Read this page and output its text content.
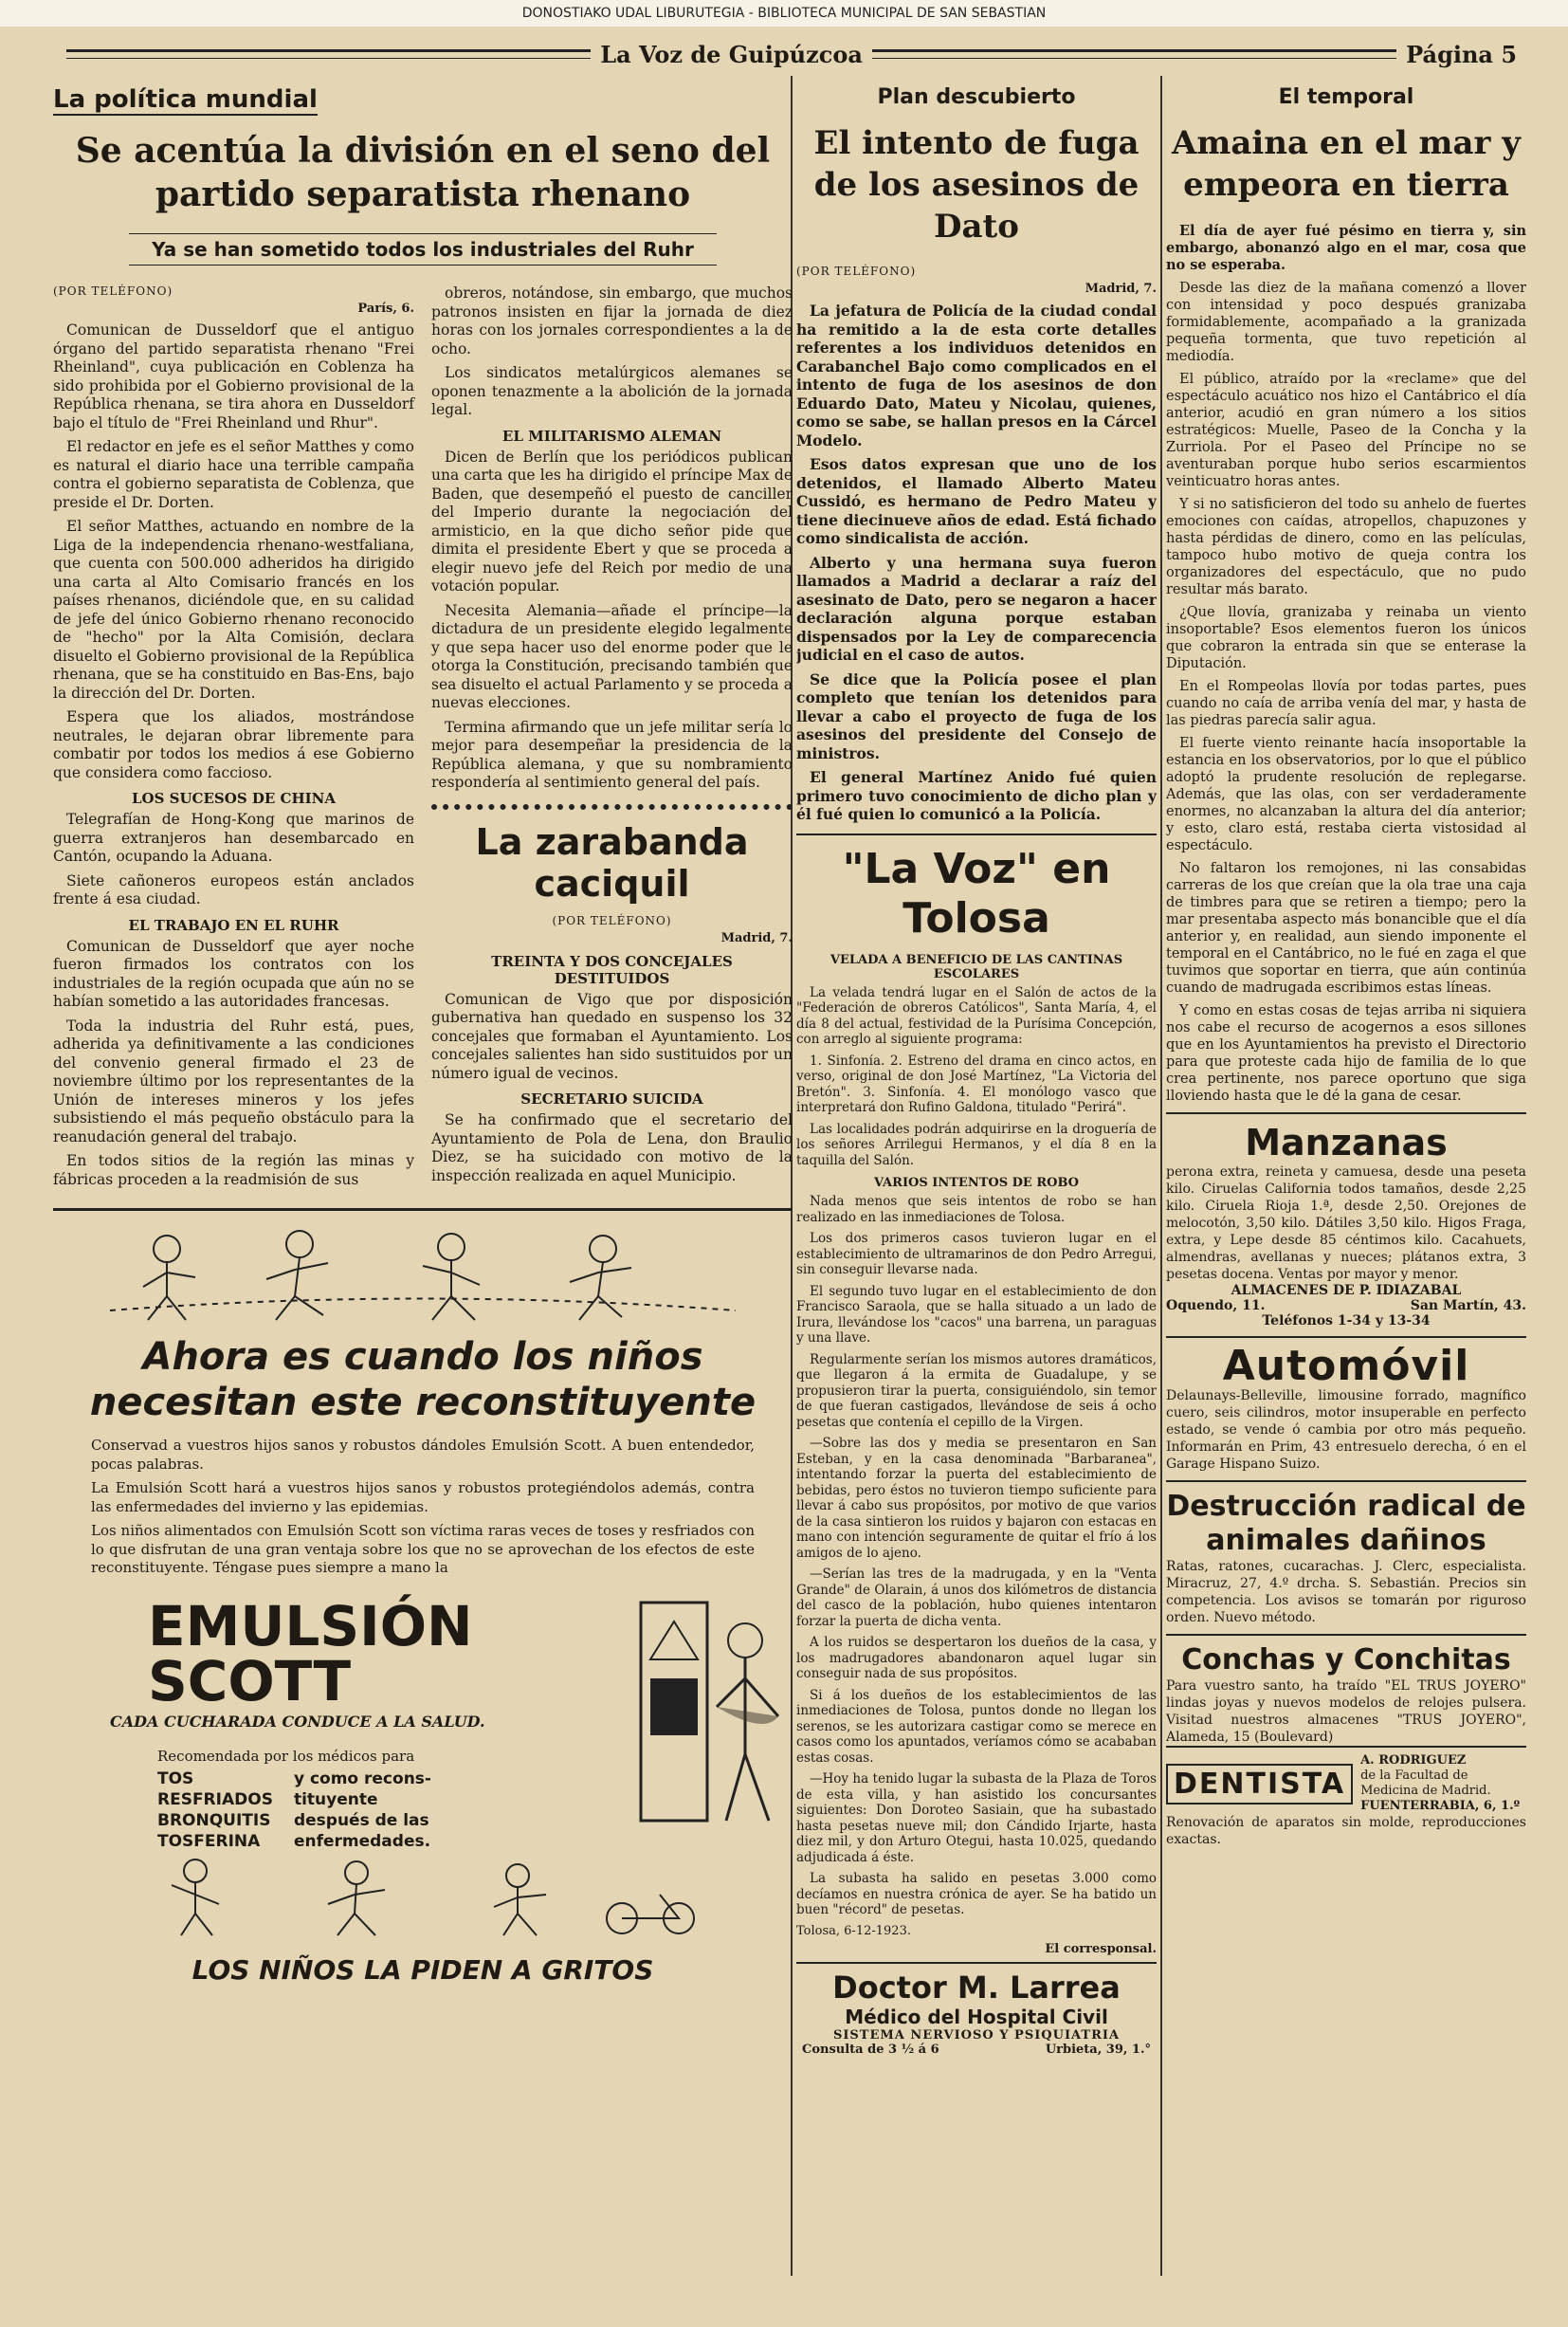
DONOSTIAKO UDAL LIBURUTEGIA - BIBLIOTECA MUNICIPAL DE SAN SEBASTIAN
La Voz de Guipúzcoa	Página 5
La política mundial
Se acentúa la división en el seno del partido separatista rhenano
Ya se han sometido todos los industriales del Ruhr
(POR TELÉFONO)
París, 6.

Comunican de Dusseldorf que el antiguo órgano del partido separatista rhenano "Frei Rheinland", cuya publicación en Coblenza ha sido prohibida por el Gobierno provisional de la República rhenana, se tira ahora en Dusseldorf bajo el título de "Frei Rheinland und Rhur".

El redactor en jefe es el señor Matthes y como es natural el diario hace una terrible campaña contra el gobierno separatista de Coblenza, que preside el Dr. Dorten.

El señor Matthes, actuando en nombre de la Liga de la independencia rhenano-westfaliana, que cuenta con 500.000 adheridos ha dirigido una carta al Alto Comisario francés en los países rhenanos, diciéndole que, en su calidad de jefe del único Gobierno rhenano reconocido de "hecho" por la Alta Comisión, declara disuelto el Gobierno provisional de la República rhenana, que se ha constituido en Bas-Ens, bajo la dirección del Dr. Dorten.

Espera que los aliados, mostrándose neutrales, le dejaran obrar libremente para combatir por todos los medios á ese Gobierno que considera como faccioso.

LOS SUCESOS DE CHINA

Telegrafían de Hong-Kong que marinos de guerra extranjeros han desembarcado en Cantón, ocupando la Aduana.

Siete cañoneros europeos están anclados frente á esa ciudad.

EL TRABAJO EN EL RUHR

Comunican de Dusseldorf que ayer noche fueron firmados los contratos con los industriales de la región ocupada que aún no se habían sometido a las autoridades francesas.

Toda la industria del Ruhr está, pues, adherida ya definitivamente a las condiciones del convenio general firmado el 23 de noviembre último por los representantes de la Unión de intereses mineros y los jefes subsistiendo el más pequeño obstáculo para la reanudación general del trabajo.

En todos sitios de la región las minas y fábricas proceden a la readmisión de sus

obreros, notándose, sin embargo, que muchos patronos insisten en fijar la jornada de diez horas con los jornales correspondientes a la de ocho.

Los sindicatos metalúrgicos alemanes se oponen tenazmente a la abolición de la jornada legal.

EL MILITARISMO ALEMAN

Dicen de Berlín que los periódicos publican una carta que les ha dirigido el príncipe Max de Baden, que desempeñó el puesto de canciller del Imperio durante la negociación del armisticio, en la que dicho señor pide que dimita el presidente Ebert y que se proceda a elegir nuevo jefe del Reich por medio de una votación popular.

Necesita Alemania—añade el príncipe—la dictadura de un presidente elegido legalmente y que sepa hacer uso del enorme poder que le otorga la Constitución, precisando también que sea disuelto el actual Parlamento y se proceda a nuevas elecciones.

Termina afirmando que un jefe militar sería lo mejor para desempeñar la presidencia de la República alemana, y que su nombramiento respondería al sentimiento general del país.

La zarabanda caciquil
(POR TELÉFONO)
Madrid, 7.
TREINTA Y DOS CONCEJALES DESTITUIDOS

Comunican de Vigo que por disposición gubernativa han quedado en suspenso los 32 concejales que formaban el Ayuntamiento. Los concejales salientes han sido sustituidos por un número igual de vecinos.

SECRETARIO SUICIDA

Se ha confirmado que el secretario del Ayuntamiento de Pola de Lena, don Braulio Diez, se ha suicidado con motivo de la inspección realizada en aquel Municipio.

Ahora es cuando los niños necesitan este reconstituyente

Conservad a vuestros hijos sanos y robustos dándoles Emulsión Scott. A buen entendedor, pocas palabras.

La Emulsión Scott hará a vuestros hijos sanos y robustos protegiéndolos además, contra las enfermedades del invierno y las epidemias.

Los niños alimentados con Emulsión Scott son víctima raras veces de toses y resfriados con lo que disfrutan de una gran ventaja sobre los que no se aprovechan de los efectos de este reconstituyente. Téngase pues siempre a mano la

EMULSIÓN SCOTT
CADA CUCHARADA CONDUCE A LA SALUD.
Recomendada por los médicos para
TOS
RESFRIADOS
BRONQUITIS
TOSFERINA
y como recons-
tituyente
después de las
enfermedades.
LOS NIÑOS LA PIDEN A GRITOS
Plan descubierto
El intento de fuga de los asesinos de Dato
(POR TELÉFONO)
Madrid, 7.

La jefatura de Policía de la ciudad condal ha remitido a la de esta corte detalles referentes a los individuos detenidos en Carabanchel Bajo como complicados en el intento de fuga de los asesinos de don Eduardo Dato, Mateu y Nicolau, quienes, como se sabe, se hallan presos en la Cárcel Modelo.

Esos datos expresan que uno de los detenidos, el llamado Alberto Mateu Cussidó, es hermano de Pedro Mateu y tiene diecinueve años de edad. Está fichado como sindicalista de acción.

Alberto y una hermana suya fueron llamados a Madrid a declarar a raíz del asesinato de Dato, pero se negaron a hacer declaración alguna porque estaban dispensados por la Ley de comparecencia judicial en el caso de autos.

Se dice que la Policía posee el plan completo que tenían los detenidos para llevar a cabo el proyecto de fuga de los asesinos del presidente del Consejo de ministros.

El general Martínez Anido fué quien primero tuvo conocimiento de dicho plan y él fué quien lo comunicó a la Policía.

"La Voz" en Tolosa
VELADA A BENEFICIO DE LAS CANTINAS ESCOLARES

La velada tendrá lugar en el Salón de actos de la "Federación de obreros Católicos", Santa María, 4, el día 8 del actual, festividad de la Purísima Concepción, con arreglo al siguiente programa:

1. Sinfonía. 2. Estreno del drama en cinco actos, en verso, original de don José Martínez, "La Victoria del Bretón". 3. Sinfonía. 4. El monólogo vasco que interpretará don Rufino Galdona, titulado "Perirá".

Las localidades podrán adquirirse en la droguería de los señores Arrilegui Hermanos, y el día 8 en la taquilla del Salón.

VARIOS INTENTOS DE ROBO

Nada menos que seis intentos de robo se han realizado en las inmediaciones de Tolosa.

Los dos primeros casos tuvieron lugar en el establecimiento de ultramarinos de don Pedro Arregui, sin conseguir llevarse nada.

El segundo tuvo lugar en el establecimiento de don Francisco Saraola, que se halla situado a un lado de Irura, llevándose los "cacos" una barrena, un paraguas y una llave.

Regularmente serían los mismos autores dramáticos, que llegaron á la ermita de Guadalupe, y se propusieron tirar la puerta, consiguiéndolo, sin temor de que fueran castigados, llevándose de seis á ocho pesetas que contenía el cepillo de la Virgen.

—Sobre las dos y media se presentaron en San Esteban, y en la casa denominada "Barbaranea", intentando forzar la puerta del establecimiento de bebidas, pero éstos no tuvieron tiempo suficiente para llevar á cabo sus propósitos, por motivo de que varios de la casa sintieron los ruidos y bajaron con estacas en mano con intención seguramente de quitar el frío á los amigos de lo ajeno.

—Serían las tres de la madrugada, y en la "Venta Grande" de Olarain, á unos dos kilómetros de distancia del casco de la población, hubo quienes intentaron forzar la puerta de dicha venta.

A los ruidos se despertaron los dueños de la casa, y los madrugadores abandonaron aquel lugar sin conseguir nada de sus propósitos.

Si á los dueños de los establecimientos de las inmediaciones de Tolosa, puntos donde no llegan los serenos, se les autorizara castigar como se merece en casos como los apuntados, veríamos cómo se acababan estas cosas.

—Hoy ha tenido lugar la subasta de la Plaza de Toros de esta villa, y han asistido los concursantes siguientes: Don Doroteo Sasiain, que ha subastado hasta pesetas nueve mil; don Cándido Irjarte, hasta diez mil, y don Arturo Otegui, hasta 10.025, quedando adjudicada á éste.

La subasta ha salido en pesetas 3.000 como decíamos en nuestra crónica de ayer. Se ha batido un buen "récord" de pesetas.

Tolosa, 6-12-1923.
El corresponsal.
Doctor M. Larrea
Médico del Hospital Civil
SISTEMA NERVIOSO Y PSIQUIATRIA
Consulta de 3 ½ á 6	Urbieta, 39, 1.°
El temporal
Amaina en el mar y empeora en tierra

El día de ayer fué pésimo en tierra y, sin embargo, abonanzó algo en el mar, cosa que no se esperaba.

Desde las diez de la mañana comenzó a llover con intensidad y poco después granizaba formidablemente, acompañado a la granizada pequeña tormenta, que tuvo repetición al mediodía.

El público, atraído por la «reclame» que del espectáculo acuático nos hizo el Cantábrico el día anterior, acudió en gran número a los sitios estratégicos: Muelle, Paseo de la Concha y la Zurriola. Por el Paseo del Príncipe no se aventuraban porque hubo serios escarmientos veinticuatro horas antes.

Y si no satisficieron del todo su anhelo de fuertes emociones con caídas, atropellos, chapuzones y hasta pérdidas de dinero, como en las películas, tampoco hubo motivo de queja contra los organizadores del espectáculo, que no pudo resultar más barato.

¿Que llovía, granizaba y reinaba un viento insoportable? Esos elementos fueron los únicos que cobraron la entrada sin que se enterase la Diputación.

En el Rompeolas llovía por todas partes, pues cuando no caía de arriba venía del mar, y hasta de las piedras parecía salir agua.

El fuerte viento reinante hacía insoportable la estancia en los observatorios, por lo que el público adoptó la prudente resolución de replegarse. Además, que las olas, con ser verdaderamente enormes, no alcanzaban la altura del día anterior; y esto, claro está, restaba cierta vistosidad al espectáculo.

No faltaron los remojones, ni las consabidas carreras de los que creían que la ola trae una caja de timbres para que se retiren a tiempo; pero la mar presentaba aspecto más bonancible que el día anterior y, en realidad, aun siendo imponente el temporal en el Cantábrico, no le fué en zaga el que tuvimos que soportar en tierra, que aún continúa cuando de madrugada escribimos estas líneas.

Y como en estas cosas de tejas arriba ni siquiera nos cabe el recurso de acogernos a esos sillones que en los Ayuntamientos ha previsto el Directorio para que proteste cada hijo de familia de lo que crea pertinente, nos parece oportuno que siga lloviendo hasta que le dé la gana de cesar.

Manzanas
perona extra, reineta y camuesa, desde una peseta kilo. Ciruelas California todos tamaños, desde 2,25 kilo. Ciruela Rioja 1.ª, desde 2,50. Orejones de melocotón, 3,50 kilo. Dátiles 3,50 kilo. Higos Fraga, extra, y Lepe desde 85 céntimos kilo. Cacahuets, almendras, avellanas y nueces; plátanos extra, 3 pesetas docena. Ventas por mayor y menor.
ALMACENES DE P. IDIAZABAL
Oquendo, 11.	San Martín, 43.
Teléfonos 1-34 y 13-34
Automóvil
Delaunays-Belleville, limousine forrado, magnífico cuero, seis cilindros, motor insuperable en perfecto estado, se vende ó cambia por otro más pequeño. Informarán en Prim, 43 entresuelo derecha, ó en el Garage Hispano Suizo.
Destrucción radical de animales dañinos
Ratas, ratones, cucarachas. J. Clerc, especialista. Miracruz, 27, 4.º drcha. S. Sebastián. Precios sin competencia. Los avisos se tomarán por riguroso orden. Nuevo método.
Conchas y Conchitas
Para vuestro santo, ha traído "EL TRUS JOYERO" lindas joyas y nuevos modelos de relojes pulsera. Visitad nuestros almacenes "TRUS JOYERO", Alameda, 15 (Boulevard)
DENTISTA
A. RODRIGUEZ
de la Facultad de Medicina de Madrid.
FUENTERRABIA, 6, 1.º
Renovación de aparatos sin molde, reproducciones exactas.
